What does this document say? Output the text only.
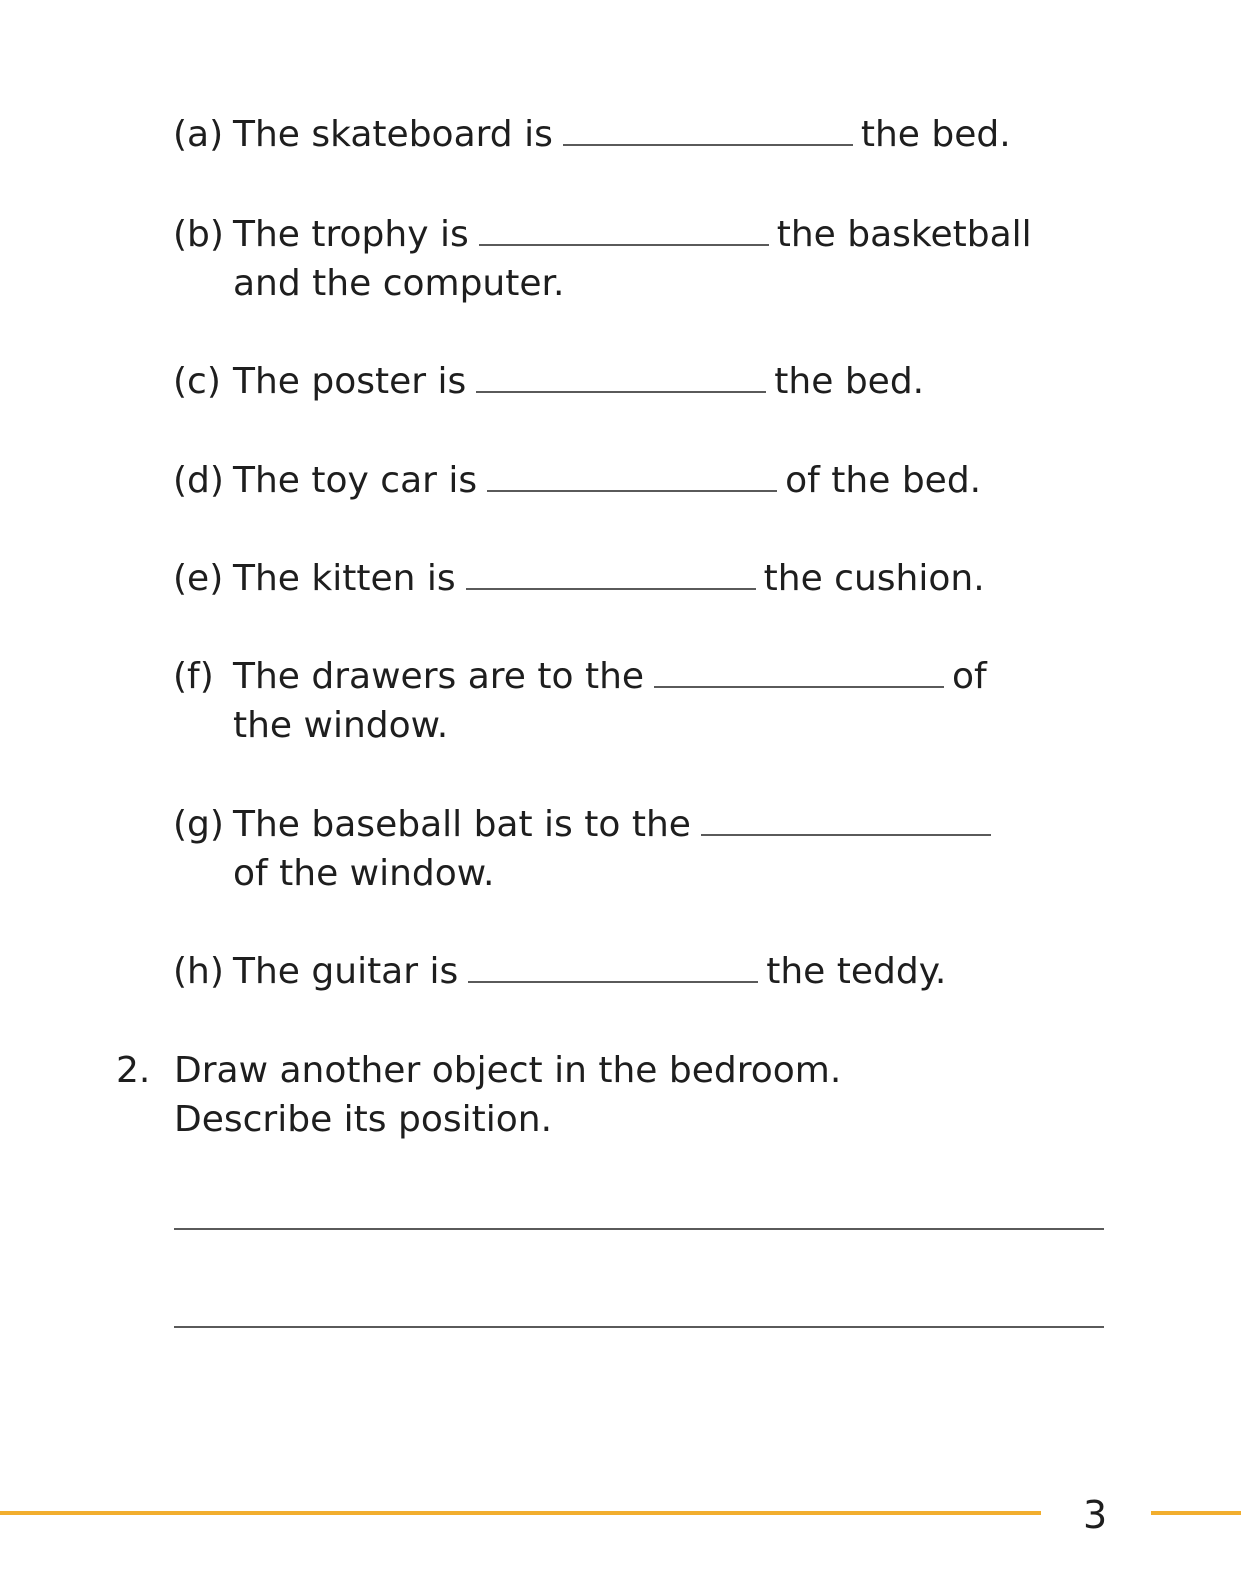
(a) The skateboard is	the bed.
(b) The trophy is	the basketball
and the computer.
(c) The poster is	the bed.
(d) The toy car is	of the bed.
(e) The kitten is	the cushion.
(f) The drawers are to the	of
the window.
(g) The baseball bat is to the
of the window.
(h) The guitar is	the teddy.
2. Draw another object in the bedroom.
Describe its position.
3
